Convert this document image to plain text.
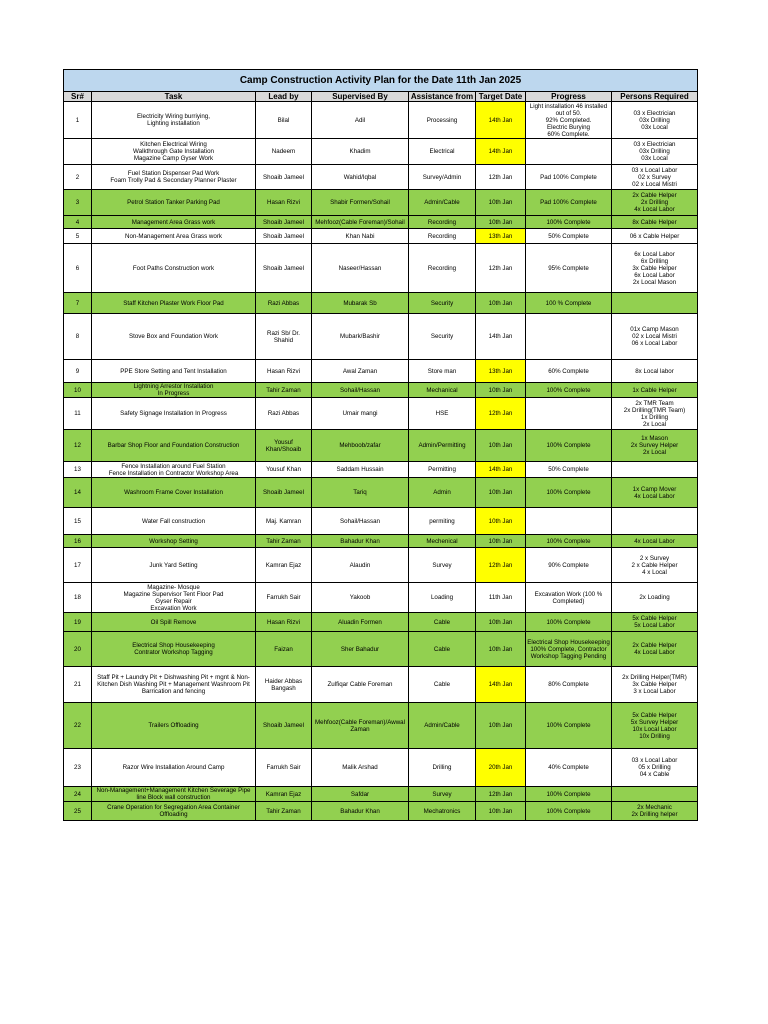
Camp Construction Activity Plan for the Date 11th Jan 2025							
Sr#	Task	Lead by	Supervised By	Assistance from	Target Date	Progress	Persons Required
1	Electricity Wiring burriying,
Lighting installation	Bilal	Adil	Processing	14th Jan	Light installation 46 installed out of 50.
92% Completed.
Electric Burying
60% Complete.	03 x Electrician
03x Drilling
03x Local
	Kitchen Electrical Wiring
Walkthrough Gate Installation
Magazine Camp Gyser Work	Nadeem	Khadim	Electrical	14th Jan		03 x Electrician
03x Drilling
03x Local
2	Fuel Station Dispenser Pad Work
Foam Trolly Pad & Secondary Planner Plaster	Shoaib Jameel	Wahid/Iqbal	Survey/Admin	12th Jan	Pad 100% Complete	03 x Local Labor
02 x Survey
02 x Local Mistri
3	Petrol Station Tanker Parking Pad	Hasan Rizvi	Shabir Formen/Sohail	Admin/Cable	10th Jan	Pad 100% Complete	2x Cable Helper
2x Drilling
4x Local Labor
4	Management Area Grass work	Shoaib Jameel	Mehfooz(Cable Foreman)/Sohail	Recording	10th Jan	100% Complete	8x Cable Helper
5	Non-Management Area Grass work	Shoaib Jameel	Khan Nabi	Recording	13th Jan	50% Complete	06 x Cable Helper
6	Foot Paths Construction work	Shoaib Jameel	Naseer/Hassan	Recording	12th Jan	95% Complete	6x Local Labor
6x Drilling
3x Cable Helper
6x Local Labor
2x Local Mason
7	Staff Kitchen Plaster Work Floor Pad	Razi Abbas	Mubarak Sb	Security	10th Jan	100 % Complete	
8	Stove Box and Foundation Work	Razi Sb/ Dr. Shahid	Mubark/Bashir	Security	14th Jan		01x Camp Mason
02 x Local Mistri
06 x Local Labor
9	PPE Store Setting and Tent Installation	Hasan Rizvi	Awal Zaman	Store man	13th Jan	60% Complete	8x Local labor
10	Lightning Arrestor Installation
In Progress	Tahir Zaman	Sohail/Hassan	Mechanical	10th Jan	100% Complete	1x Cable Helper
11	Safety Signage Installation In Progress	Razi Abbas	Umair mangi	HSE	12th Jan		2x TMR Team
2x Drilling(TMR Team)
1x Drilling
2x Local
12	Barbar Shop Floor and Foundation Construction	Yousuf
Khan/Shoaib	Mehboob/zafar	Admin/Permitting	10th Jan	100% Complete	1x Mason
2x Survey Helper
2x Local
13	Fence Installation around Fuel Station
Fence Installation in Contractor Workshop Area	Yousuf Khan	Saddam Hussain	Permitting	14th Jan	50% Complete	
14	Washroom Frame Cover Installation	Shoaib Jameel	Tariq	Admin	10th Jan	100% Complete	1x Camp Mover
4x Local Labor
15	Water Fall construction	Maj. Kamran	Sohail/Hassan	permiting	10th Jan		
16	Workshop Setting	Tahir Zaman	Bahadur Khan	Mechenical	10th Jan	100% Complete	4x Local Labor
17	Junk Yard Setting	Kamran Ejaz	Alaudin	Survey	12th Jan	90% Complete	2 x Survey
2 x Cable Helper
4 x Local
18	Magazine- Mosque
Magazine Supervisor Tent Floor Pad
Gyser Repair
Excavation Work	Farrukh Sair	Yakoob	Loading	11th Jan	Excavation Work (100 % Completed)	2x Loading
19	Oil Spill Remove	Hasan Rizvi	Aluadin Formen	Cable	10th Jan	100% Complete	5x Cable Helper
5x Local Labor
20	Electrical Shop Housekeeping
Contrator Workshop Tagging	Faizan	Sher Bahadur	Cable	10th Jan	Electrical Shop Housekeeping
100% Complete, Contractor
Workshop Tagging Pending	2x Cable Helper
4x Local Labor
21	Staff Pit + Laundry Pit + Dishwashing Pit + mgnt & Non-Kitchen Dish Washing Pit + Management Washroom Pit
Barrication and fencing	Haider Abbas
Bangash	Zulfiqar Cable Foreman	Cable	14th Jan	80% Complete	2x Drilling Helper(TMR)
3x Cable Helper
3 x Local Labor
22	Trailers Offloading	Shoaib Jameel	Mehfooz(Cable Foreman)/Awwal Zaman	Admin/Cable	10th Jan	100% Complete	5x Cable Helper
5x Survey Helper
10x Local Labor
10x Drilling
23	Razor Wire Installation Around Camp	Farrukh Sair	Malik Arshad	Drilling	20th Jan	40% Complete	03 x Local Labor
05 x Drilling
04 x Cable
24	Non-Management+Management Kitchen Severage Pipe line Block wall construction	Kamran Ejaz	Safdar	Survey	12th Jan	100% Complete	
25	Crane Operation for Segregation Area Container Offloading	Tahir Zaman	Bahadur Khan	Mechatronics	10th Jan	100% Complete	2x Mechanic
2x Drilling helper
